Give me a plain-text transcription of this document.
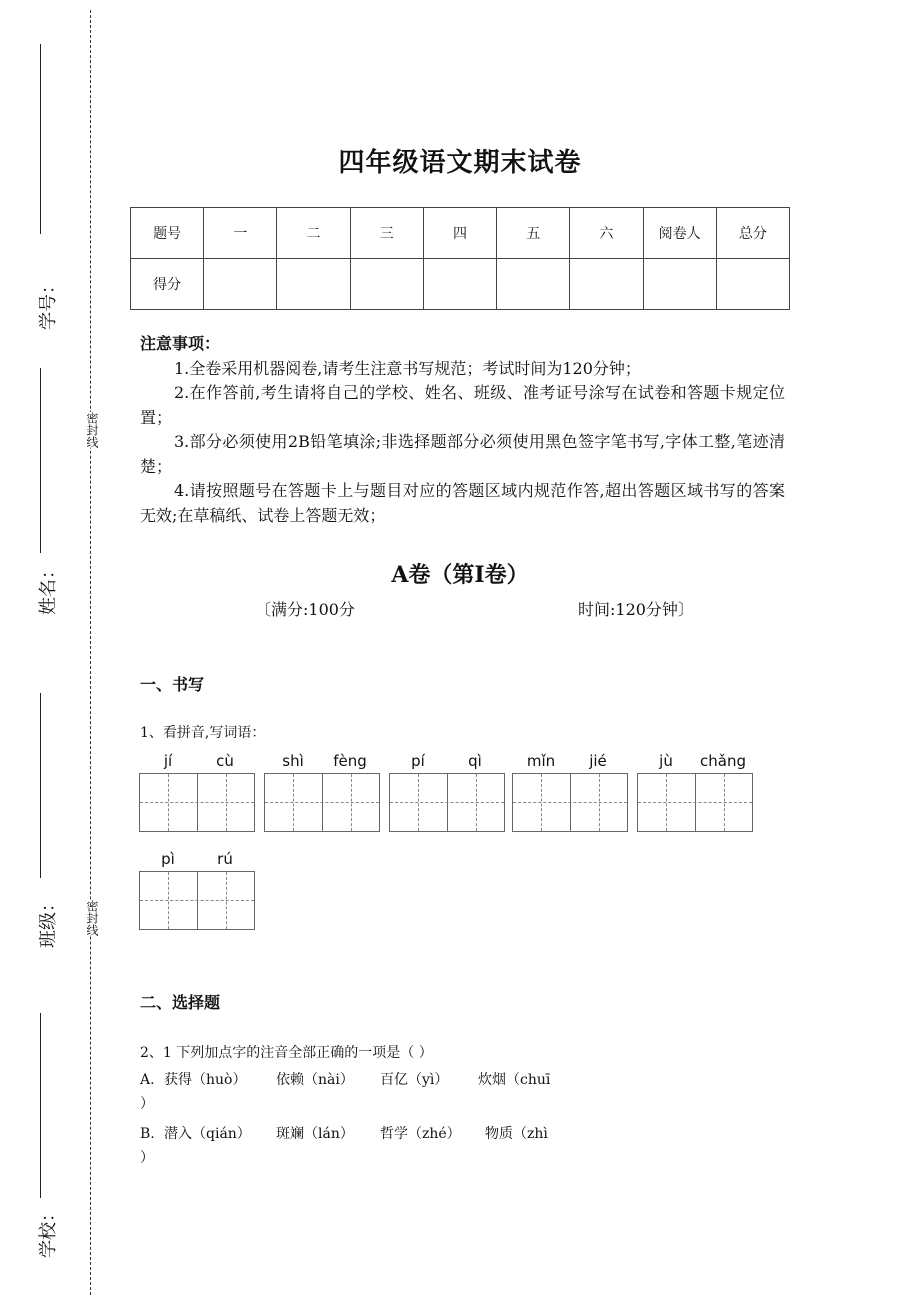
学号：
姓名：
班级：
学校：
密封线
密封线
四年级语文期末试卷
题号	一	二	三	四	五	六	阅卷人	总分
得分								
注意事项：
1.全卷采用机器阅卷,请考生注意书写规范；考试时间为120分钟；
2.在作答前,考生请将自己的学校、姓名、班级、准考证号涂写在试卷和答题卡规定位置；
3.部分必须使用2B铅笔填涂;非选择题部分必须使用黑色签字笔书写,字体工整,笔迹清楚；
4.请按照题号在答题卡上与题目对应的答题区域内规范作答,超出答题区域书写的答案无效;在草稿纸、试卷上答题无效；
A卷（第I卷）
〔满分:100分	时间:120分钟〕
一、书写
1、看拼音,写词语：
jí	cù	shì	fèng	pí	qì	mǐn	jié	jù	chǎng
pì	rú
二、选择题
2、1 下列加点字的注音全部正确的一项是（ ）
A. 获得（huò） 依赖（nài） 百亿（yì） 炊烟（chuī
）
B. 潜入（qián） 斑斓（lán） 哲学（zhé） 物质（zhì
）
